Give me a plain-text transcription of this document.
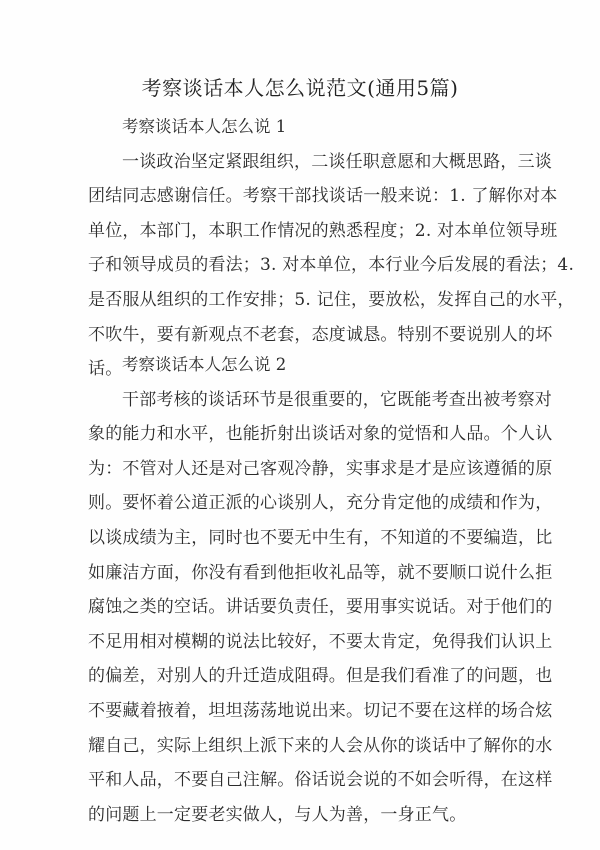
考察谈话本人怎么说范文(通用5篇)
考察谈话本人怎么说 1
一谈政治坚定紧跟组织，二谈任职意愿和大概思路，三谈
团结同志感谢信任。考察干部找谈话一般来说：1. 了解你对本
单位，本部门，本职工作情况的熟悉程度；2. 对本单位领导班
子和领导成员的看法；3. 对本单位，本行业今后发展的看法；4.
是否服从组织的工作安排；5. 记住，要放松，发挥自己的水平，
不吹牛，要有新观点不老套，态度诚恳。特别不要说别人的坏
话。 考察谈话本人怎么说 2
干部考核的谈话环节是很重要的，它既能考查出被考察对
象的能力和水平，也能折射出谈话对象的觉悟和人品。个人认
为：不管对人还是对己客观冷静，实事求是才是应该遵循的原
则。要怀着公道正派的心谈别人，充分肯定他的成绩和作为，
以谈成绩为主，同时也不要无中生有，不知道的不要编造，比
如廉洁方面，你没有看到他拒收礼品等，就不要顺口说什么拒
腐蚀之类的空话。讲话要负责任，要用事实说话。对于他们的
不足用相对模糊的说法比较好，不要太肯定，免得我们认识上
的偏差，对别人的升迁造成阻碍。但是我们看准了的问题，也
不要藏着掖着，坦坦荡荡地说出来。切记不要在这样的场合炫
耀自己，实际上组织上派下来的人会从你的谈话中了解你的水
平和人品，不要自己注解。俗话说会说的不如会听得，在这样
的问题上一定要老实做人，与人为善，一身正气。
